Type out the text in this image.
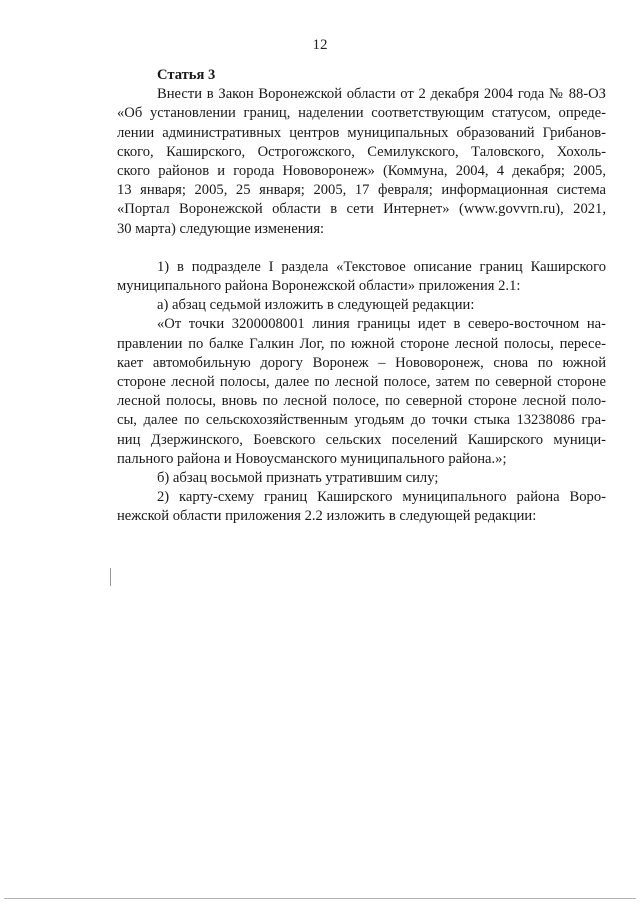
12
Статья 3
Внести в Закон Воронежской области от 2 декабря 2004 года № 88-ОЗ
«Об установлении границ, наделении соответствующим статусом, опреде-
лении административных центров муниципальных образований Грибанов-
ского, Каширского, Острогожского, Семилукского, Таловского, Хохоль-
ского районов и города Нововоронеж» (Коммуна, 2004, 4 декабря; 2005,
13 января; 2005, 25 января; 2005, 17 февраля; информационная система
«Портал Воронежской области в сети Интернет» (www.govvrn.ru), 2021,
30 марта) следующие изменения:
1) в подразделе I раздела «Текстовое описание границ Каширского
муниципального района Воронежской области» приложения 2.1:
а) абзац седьмой изложить в следующей редакции:
«От точки 3200008001 линия границы идет в северо-восточном на-
правлении по балке Галкин Лог, по южной стороне лесной полосы, пересе-
кает автомобильную дорогу Воронеж – Нововоронеж, снова по южной
стороне лесной полосы, далее по лесной полосе, затем по северной стороне
лесной полосы, вновь по лесной полосе, по северной стороне лесной поло-
сы, далее по сельскохозяйственным угодьям до точки стыка 13238086 гра-
ниц Дзержинского, Боевского сельских поселений Каширского муници-
пального района и Новоусманского муниципального района.»;
б) абзац восьмой признать утратившим силу;
2) карту-схему границ Каширского муниципального района Воро-
нежской области приложения 2.2 изложить в следующей редакции:
